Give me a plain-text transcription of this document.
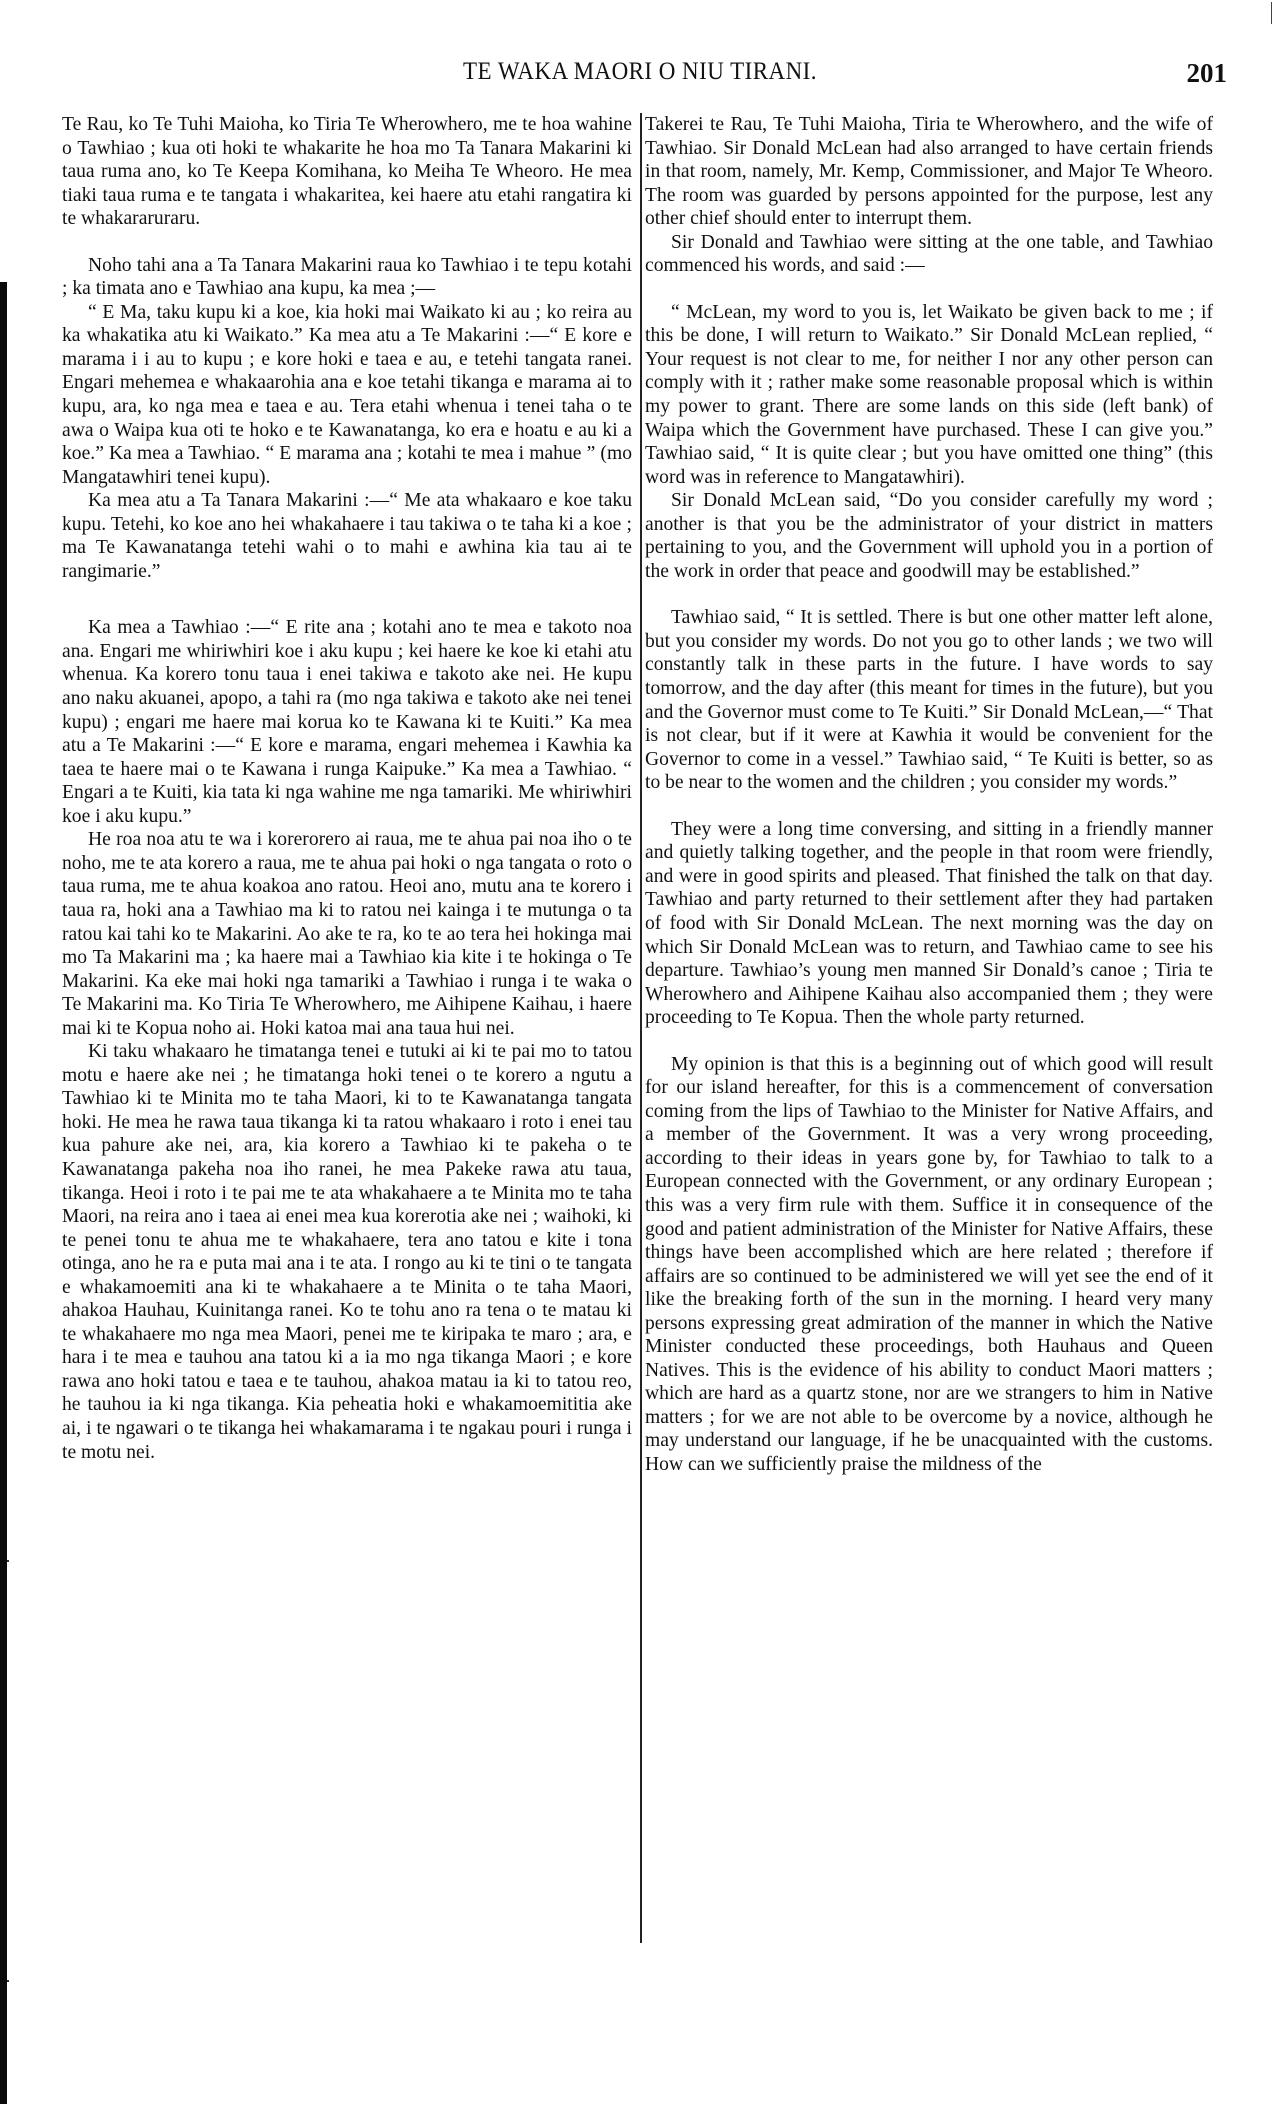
TE WAKA MAORI O NIU TIRANI.	201

Te Rau, ko Te Tuhi Maioha, ko Tiria Te Wherowhero, me te hoa wahine o Tawhiao ; kua oti hoki te whakarite he hoa mo Ta Tanara Makarini ki taua ruma ano, ko Te Keepa Komihana, ko Meiha Te Wheoro. He mea tiaki taua ruma e te tangata i whakaritea, kei haere atu etahi rangatira ki te whakararuraru.

Noho tahi ana a Ta Tanara Makarini raua ko Tawhiao i te tepu kotahi ; ka timata ano e Tawhiao ana kupu, ka mea ;—

“ E Ma, taku kupu ki a koe, kia hoki mai Waikato ki au ; ko reira au ka whakatika atu ki Waikato.” Ka mea atu a Te Makarini :—“ E kore e marama i i au to kupu ; e kore hoki e taea e au, e tetehi tangata ranei. Engari mehemea e whakaarohia ana e koe tetahi tikanga e marama ai to kupu, ara, ko nga mea e taea e au. Tera etahi whenua i tenei taha o te awa o Waipa kua oti te hoko e te Kawanatanga, ko era e hoatu e au ki a koe.” Ka mea a Tawhiao. “ E marama ana ; kotahi te mea i mahue ” (mo Mangatawhiri tenei kupu).

Ka mea atu a Ta Tanara Makarini :—“ Me ata whakaaro e koe taku kupu. Tetehi, ko koe ano hei whakahaere i tau takiwa o te taha ki a koe ; ma Te Kawanatanga tetehi wahi o to mahi e awhina kia tau ai te rangimarie.”

Ka mea a Tawhiao :—“ E rite ana ; kotahi ano te mea e takoto noa ana. Engari me whiriwhiri koe i aku kupu ; kei haere ke koe ki etahi atu whenua. Ka korero tonu taua i enei takiwa e takoto ake nei. He kupu ano naku akuanei, apopo, a tahi ra (mo nga takiwa e takoto ake nei tenei kupu) ; engari me haere mai korua ko te Kawana ki te Kuiti.” Ka mea atu a Te Makarini :—“ E kore e marama, engari mehemea i Kawhia ka taea te haere mai o te Kawana i runga Kaipuke.” Ka mea a Tawhiao. “ Engari a te Kuiti, kia tata ki nga wahine me nga tamariki. Me whiriwhiri koe i aku kupu.”

He roa noa atu te wa i korerorero ai raua, me te ahua pai noa iho o te noho, me te ata korero a raua, me te ahua pai hoki o nga tangata o roto o taua ruma, me te ahua koakoa ano ratou. Heoi ano, mutu ana te korero i taua ra, hoki ana a Tawhiao ma ki to ratou nei kainga i te mutunga o ta ratou kai tahi ko te Makarini. Ao ake te ra, ko te ao tera hei hokinga mai mo Ta Makarini ma ; ka haere mai a Tawhiao kia kite i te hokinga o Te Makarini. Ka eke mai hoki nga tamariki a Tawhiao i runga i te waka o Te Makarini ma. Ko Tiria Te Wherowhero, me Aihipene Kaihau, i haere mai ki te Kopua noho ai. Hoki katoa mai ana taua hui nei.

Ki taku whakaaro he timatanga tenei e tutuki ai ki te pai mo to tatou motu e haere ake nei ; he timatanga hoki tenei o te korero a ngutu a Tawhiao ki te Minita mo te taha Maori, ki to te Kawanatanga tangata hoki. He mea he rawa taua tikanga ki ta ratou whakaaro i roto i enei tau kua pahure ake nei, ara, kia korero a Tawhiao ki te pakeha o te Kawanatanga pakeha noa iho ranei, he mea Pakeke rawa atu taua, tikanga. Heoi i roto i te pai me te ata whakahaere a te Minita mo te taha Maori, na reira ano i taea ai enei mea kua korerotia ake nei ; waihoki, ki te penei tonu te ahua me te whakahaere, tera ano tatou e kite i tona otinga, ano he ra e puta mai ana i te ata. I rongo au ki te tini o te tangata e whakamoemiti ana ki te whakahaere a te Minita o te taha Maori, ahakoa Hauhau, Kuinitanga ranei. Ko te tohu ano ra tena o te matau ki te whakahaere mo nga mea Maori, penei me te kiripaka te maro ; ara, e hara i te mea e tauhou ana tatou ki a ia mo nga tikanga Maori ; e kore rawa ano hoki tatou e taea e te tauhou, ahakoa matau ia ki to tatou reo, he tauhou ia ki nga tikanga. Kia peheatia hoki e whakamoemititia ake ai, i te ngawari o te tikanga hei whakamarama i te ngakau pouri i runga i te motu nei.

Takerei te Rau, Te Tuhi Maioha, Tiria te Wherowhero, and the wife of Tawhiao. Sir Donald McLean had also arranged to have certain friends in that room, namely, Mr. Kemp, Commissioner, and Major Te Wheoro. The room was guarded by persons appointed for the purpose, lest any other chief should enter to interrupt them.

Sir Donald and Tawhiao were sitting at the one table, and Tawhiao commenced his words, and said :—

“ McLean, my word to you is, let Waikato be given back to me ; if this be done, I will return to Waikato.” Sir Donald McLean replied, “ Your request is not clear to me, for neither I nor any other person can comply with it ; rather make some reasonable proposal which is within my power to grant. There are some lands on this side (left bank) of Waipa which the Government have purchased. These I can give you.” Tawhiao said, “ It is quite clear ; but you have omitted one thing” (this word was in reference to Mangatawhiri).

Sir Donald McLean said, “Do you consider carefully my word ; another is that you be the administrator of your district in matters pertaining to you, and the Government will uphold you in a portion of the work in order that peace and goodwill may be established.”

Tawhiao said, “ It is settled. There is but one other matter left alone, but you consider my words. Do not you go to other lands ; we two will constantly talk in these parts in the future. I have words to say tomorrow, and the day after (this meant for times in the future), but you and the Governor must come to Te Kuiti.” Sir Donald McLean,—“ That is not clear, but if it were at Kawhia it would be convenient for the Governor to come in a vessel.” Tawhiao said, “ Te Kuiti is better, so as to be near to the women and the children ; you consider my words.”

They were a long time conversing, and sitting in a friendly manner and quietly talking together, and the people in that room were friendly, and were in good spirits and pleased. That finished the talk on that day. Tawhiao and party returned to their settlement after they had partaken of food with Sir Donald McLean. The next morning was the day on which Sir Donald McLean was to return, and Tawhiao came to see his departure. Tawhiao’s young men manned Sir Donald’s canoe ; Tiria te Wherowhero and Aihipene Kaihau also accompanied them ; they were proceeding to Te Kopua. Then the whole party returned.

My opinion is that this is a beginning out of which good will result for our island hereafter, for this is a commencement of conversation coming from the lips of Tawhiao to the Minister for Native Affairs, and a member of the Government. It was a very wrong proceeding, according to their ideas in years gone by, for Tawhiao to talk to a European connected with the Government, or any ordinary European ; this was a very firm rule with them. Suffice it in consequence of the good and patient administration of the Minister for Native Affairs, these things have been accomplished which are here related ; therefore if affairs are so continued to be administered we will yet see the end of it like the breaking forth of the sun in the morning. I heard very many persons expressing great admiration of the manner in which the Native Minister conducted these proceedings, both Hauhaus and Queen Natives. This is the evidence of his ability to conduct Maori matters ; which are hard as a quartz stone, nor are we strangers to him in Native matters ; for we are not able to be overcome by a novice, although he may understand our language, if he be unacquainted with the customs. How can we sufficiently praise the mildness of the
